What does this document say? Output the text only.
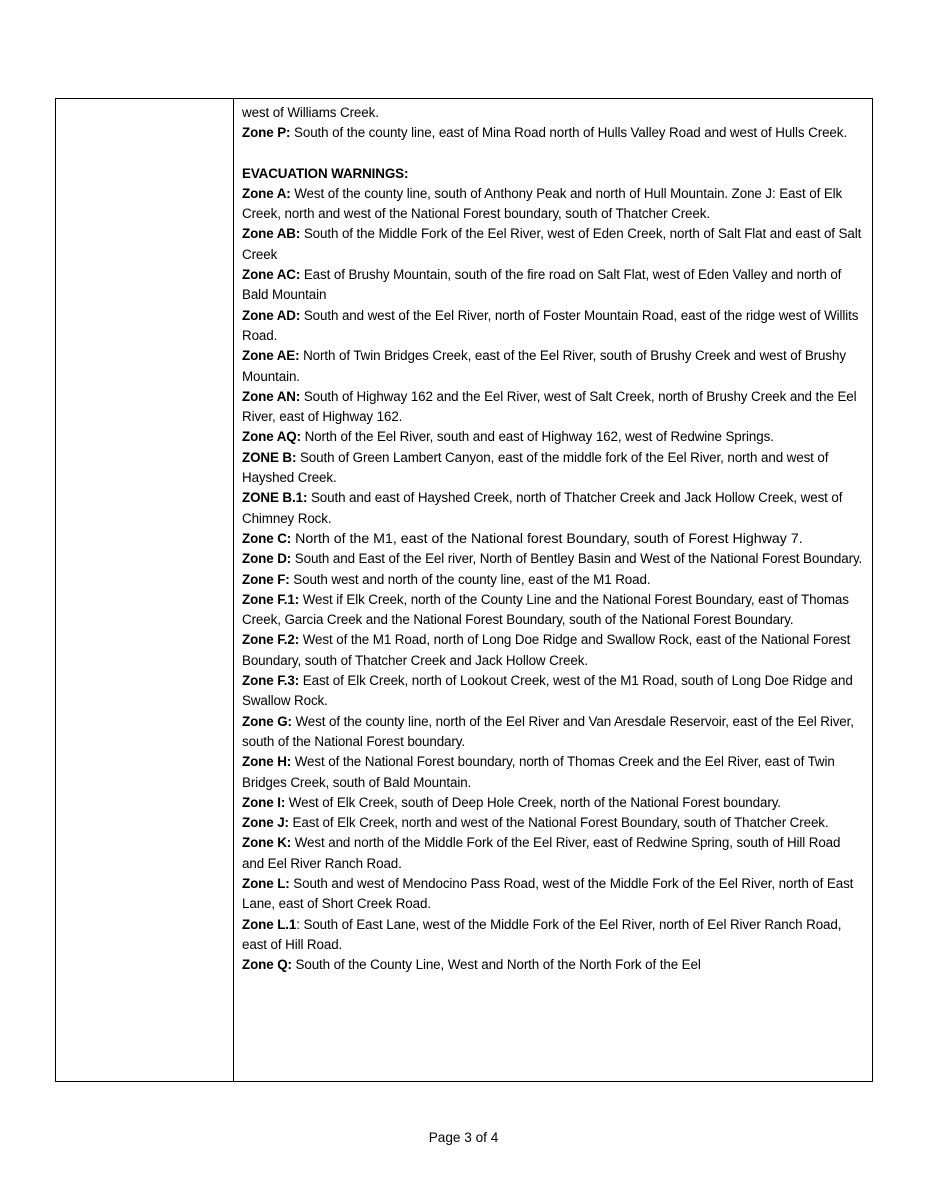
west of Williams Creek.

Zone P: South of the county line, east of Mina Road north of Hulls Valley Road and west of Hulls Creek.

EVACUATION WARNINGS:

Zone A: West of the county line, south of Anthony Peak and north of Hull Mountain. Zone J: East of Elk Creek, north and west of the National Forest boundary, south of Thatcher Creek.

Zone AB: South of the Middle Fork of the Eel River, west of Eden Creek, north of Salt Flat and east of Salt Creek

Zone AC: East of Brushy Mountain, south of the fire road on Salt Flat, west of Eden Valley and north of Bald Mountain

Zone AD: South and west of the Eel River, north of Foster Mountain Road, east of the ridge west of Willits Road.

Zone AE: North of Twin Bridges Creek, east of the Eel River, south of Brushy Creek and west of Brushy Mountain.

Zone AN: South of Highway 162 and the Eel River, west of Salt Creek, north of Brushy Creek and the Eel River, east of Highway 162.

Zone AQ: North of the Eel River, south and east of Highway 162, west of Redwine Springs.

ZONE B: South of Green Lambert Canyon, east of the middle fork of the Eel River, north and west of Hayshed Creek.

ZONE B.1: South and east of Hayshed Creek, north of Thatcher Creek and Jack Hollow Creek, west of Chimney Rock.

Zone C: North of the M1, east of the National forest Boundary, south of Forest Highway 7.

Zone D: South and East of the Eel river, North of Bentley Basin and West of the National Forest Boundary.

Zone F: South west and north of the county line, east of the M1 Road.

Zone F.1: West if Elk Creek, north of the County Line and the National Forest Boundary, east of Thomas Creek, Garcia Creek and the National Forest Boundary, south of the National Forest Boundary.

Zone F.2: West of the M1 Road, north of Long Doe Ridge and Swallow Rock, east of the National Forest Boundary, south of Thatcher Creek and Jack Hollow Creek.

Zone F.3: East of Elk Creek, north of Lookout Creek, west of the M1 Road, south of Long Doe Ridge and Swallow Rock.

Zone G: West of the county line, north of the Eel River and Van Aresdale Reservoir, east of the Eel River, south of the National Forest boundary.

Zone H: West of the National Forest boundary, north of Thomas Creek and the Eel River, east of Twin Bridges Creek, south of Bald Mountain.

Zone I: West of Elk Creek, south of Deep Hole Creek, north of the National Forest boundary.

Zone J: East of Elk Creek, north and west of the National Forest Boundary, south of Thatcher Creek.

Zone K: West and north of the Middle Fork of the Eel River, east of Redwine Spring, south of Hill Road and Eel River Ranch Road.

Zone L: South and west of Mendocino Pass Road, west of the Middle Fork of the Eel River, north of East Lane, east of Short Creek Road.

Zone L.1: South of East Lane, west of the Middle Fork of the Eel River, north of Eel River Ranch Road, east of Hill Road.

Zone Q: South of the County Line, West and North of the North Fork of the Eel

Page 3 of 4
